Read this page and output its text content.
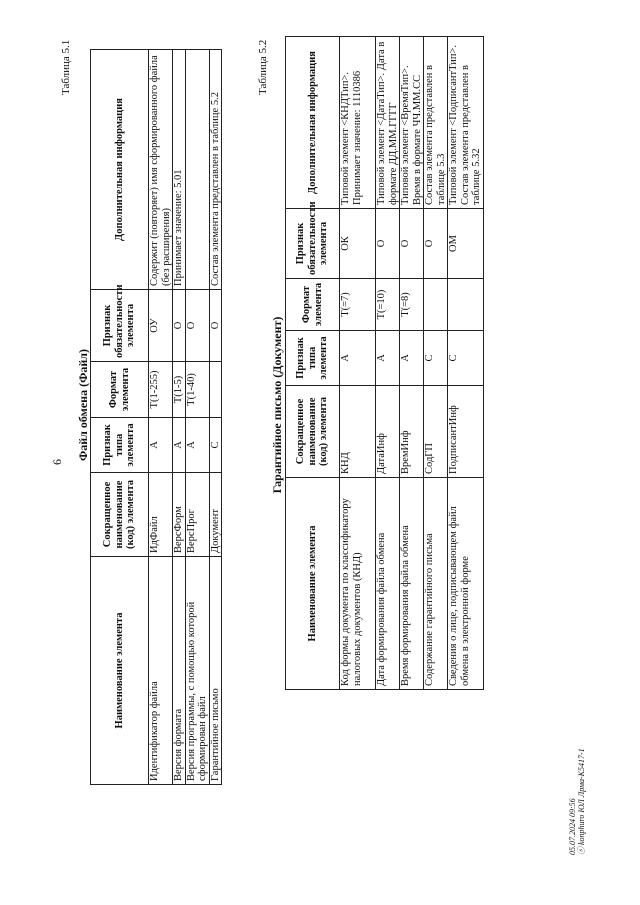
6
Таблица 5.1
Файл обмена (Файл)
Наименование элемента	Сокращенное наименование (код) элемента	Признак типа элемента	Формат элемента	Признак обязательности элемента	Дополнительная информация
Идентификатор файла	ИдФайл	А	T(1-255)	ОУ	Содержит (повторяет) имя сформированного файла (без расширения)
Версия формата	ВерсФорм	А	T(1-5)	О	Принимает значение: 5.01
Версия программы, с помощью которой сформирован файл	ВерсПрог	А	T(1-40)	О	
Гарантийное письмо	Документ	С		О	Состав элемента представлен в таблице 5.2
Таблица 5.2
Гарантийное письмо (Документ)
Наименование элемента	Сокращенное наименование (код) элемента	Признак типа элемента	Формат элемента	Признак обязательности элемента	Дополнительная информация
Код формы документа по классификатору налоговых документов (КНД)	КНД	А	T(=7)	ОК	Типовой элемент <КНДТип>. Принимает значение: 1110386
Дата формирования файла обмена	ДатаИнф	А	T(=10)	О	Типовой элемент <ДатаТип>. Дата в формате ДД.ММ.ГГГГ
Время формирования файла обмена	ВремИнф	А	T(=8)	О	Типовой элемент <ВремяТип>. Время в формате ЧЧ.ММ.СС
Содержание гарантийного письма	СодГП	С		О	Состав элемента представлен в таблице 5.3
Сведения о лице, подписывающем файл обмена в электронной форме	ПодписантИнф	С		ОМ	Типовой элемент <ПодписантТип>. Состав элемента представлен в таблице 5.32
05.07.2024 09:56 ⓢ konphuro ЮЛ Лрма-К5417-1
